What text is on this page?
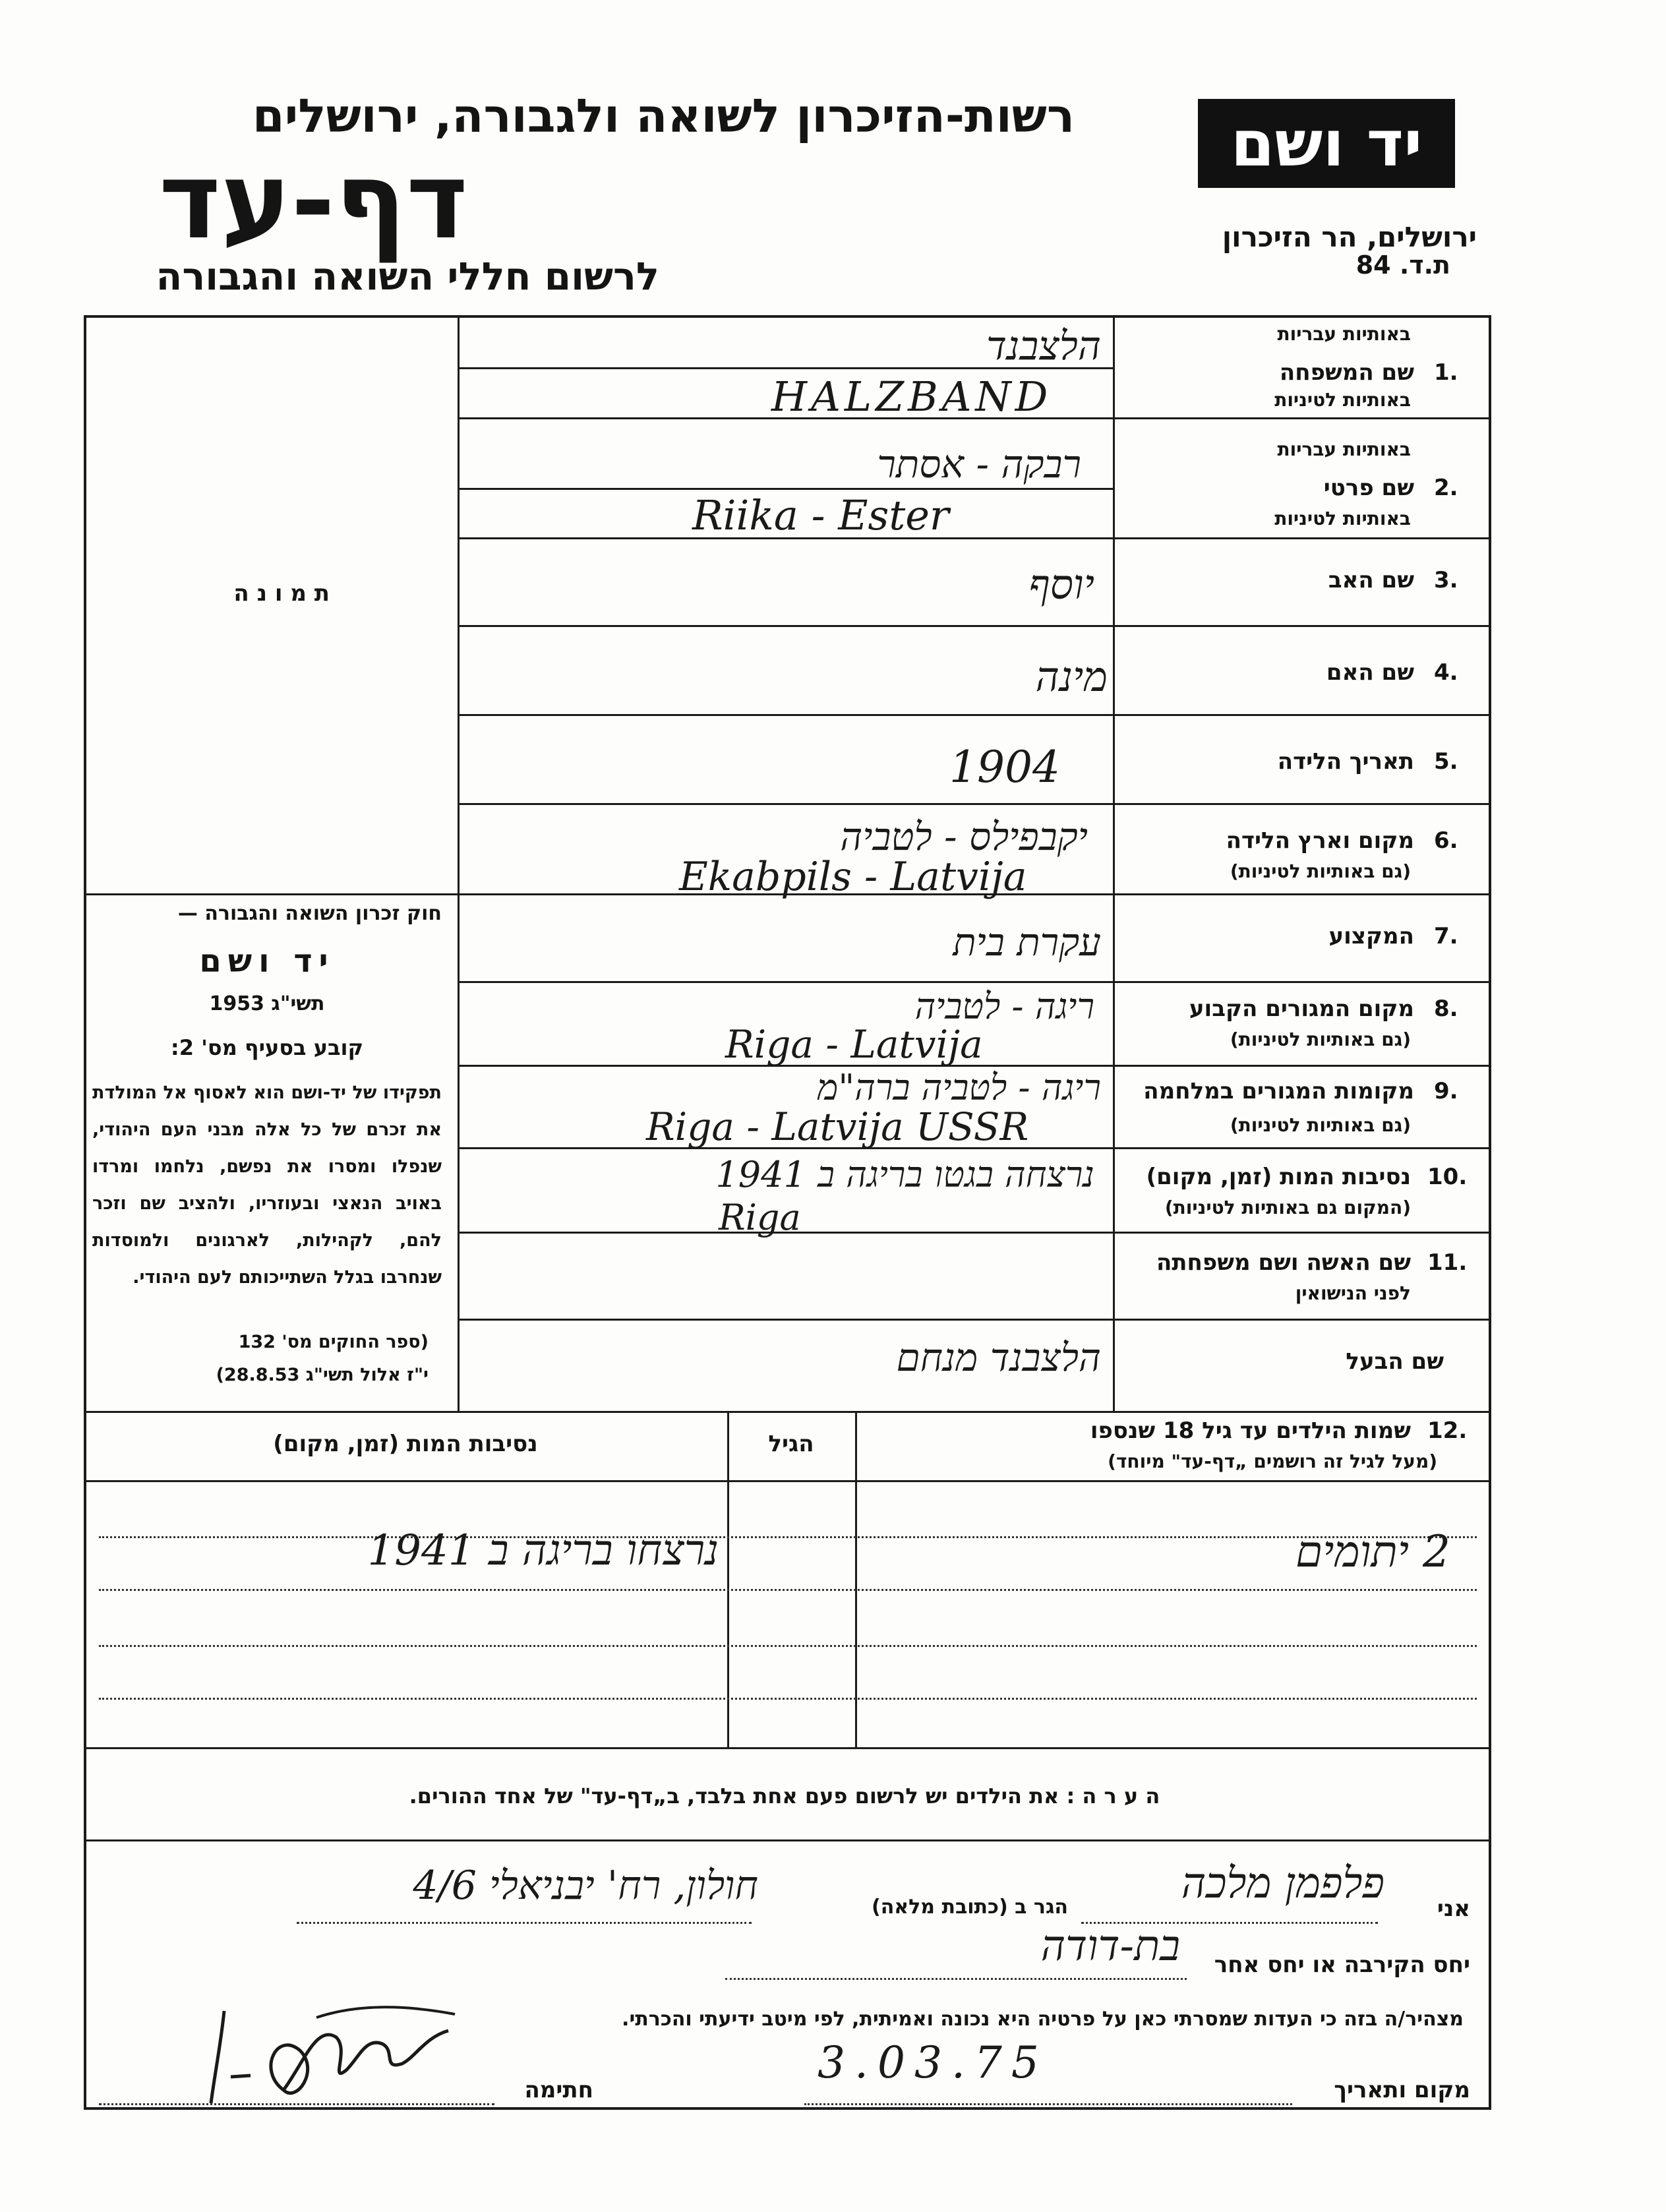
רשות-הזיכרון לשואה ולגבורה, ירושלים
דף-עד
לרשום חללי השואה והגבורה
יד ושם
ירושלים, הר הזיכרון
ת.ד. 84
ת מ ו נ ה
חוק זכרון השואה והגבורה —
יד ושם
תשי"ג 1953
קובע בסעיף מס' 2:
תפקידו של יד-ושם הוא לאסוף אל המולדת את זכרם של כל אלה מבני העם היהודי, שנפלו ומסרו את נפשם, נלחמו ומרדו באויב הנאצי ובעוזריו, ולהציב שם וזכר להם, לקהילות, לארגונים ולמוסדות שנחרבו בגלל השתייכותם לעם היהודי.
(ספר החוקים מס' 132
י"ז אלול תשי"ג 28.8.53)
באותיות עבריות
1.
שם המשפחה
באותיות לטיניות
הלצבנד
HALZBAND
באותיות עבריות
2.
שם פרטי
באותיות לטיניות
רבקה - אסתר
Riika - Ester
3.
שם האב
יוסף
4.
שם האם
מינה
5.
תאריך הלידה
1904
6.
מקום וארץ הלידה
(גם באותיות לטיניות)
יקבפילס - לטביה
Ekabpils - Latvija
7.
המקצוע
עקרת בית
8.
מקום המגורים הקבוע
(גם באותיות לטיניות)
ריגה - לטביה
Riga - Latvija
9.
מקומות המגורים במלחמה
(גם באותיות לטיניות)
ריגה - לטביה ברה"מ
Riga - Latvija USSR
10.
נסיבות המות (זמן, מקום)
(המקום גם באותיות לטיניות)
נרצחה בגטו בריגה ב 1941
Riga
11.
שם האשה ושם משפחתה
לפני הנישואין
שם הבעל
הלצבנד מנחם
12.
שמות הילדים עד גיל 18 שנספו
(מעל לגיל זה רושמים „דף-עד" מיוחד)
הגיל
נסיבות המות (זמן, מקום)
2 יתומים
נרצחו בריגה ב 1941
ה ע ר ה : את הילדים יש לרשום פעם אחת בלבד, ב„דף-עד" של אחד ההורים.
אני
פלפמן מלכה
הגר ב (כתובת מלאה)
חולון, רח' יבניאלי 4/6
יחס הקירבה או יחס אחר
בת-דודה
מצהיר/ה בזה כי העדות שמסרתי כאן על פרטיה היא נכונה ואמיתית, לפי מיטב ידיעתי והכרתי.
מקום ותאריך
3.03.75
חתימה
